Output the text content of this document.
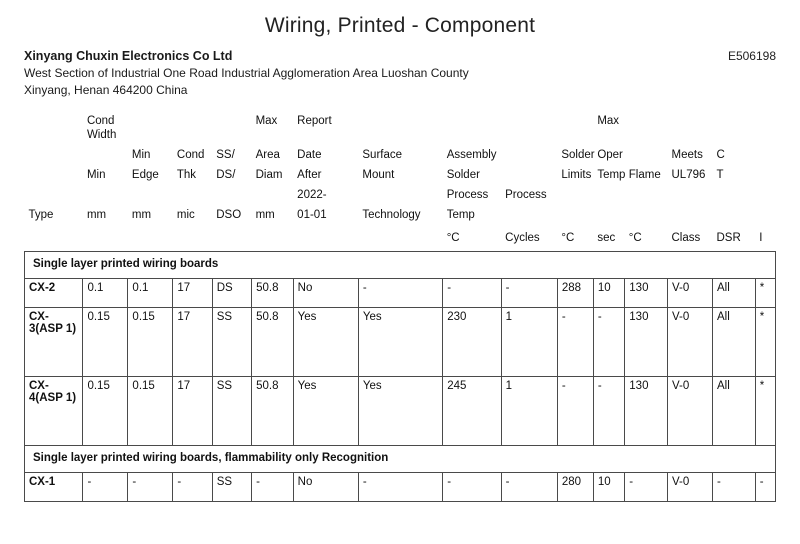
Wiring, Printed - Component
Xinyang Chuxin Electronics Co Ltd
West Section of Industrial One Road Industrial Agglomeration Area Luoshan County
Xinyang, Henan 464200 China
E506198
	Cond Width				Max	Report					Max				
		Min	Cond	SS/	Area	Date	Surface	Assembly		Solder	Oper		Meets	C	
	Min	Edge	Thk	DS/	Diam	After	Mount	Solder		Limits	Temp	Flame	UL796	T	
						2022-		Process	Process						
Type	mm	mm	mic	DSO	mm	01-01	Technology	Temp							
								°C	Cycles	°C	sec	°C	Class	DSR	I
Single layer printed wiring boards															
CX-2	0.1	0.1	17	DS	50.8	No	-	-	-	288	10	130	V-0	All	*
CX-3(ASP 1)	0.15	0.15	17	SS	50.8	Yes	Yes	230	1	-	-	130	V-0	All	*
CX-4(ASP 1)	0.15	0.15	17	SS	50.8	Yes	Yes	245	1	-	-	130	V-0	All	*
Single layer printed wiring boards, flammability only Recognition															
CX-1	-	-	-	SS	-	No	-	-	-	280	10	-	V-0	-	-
